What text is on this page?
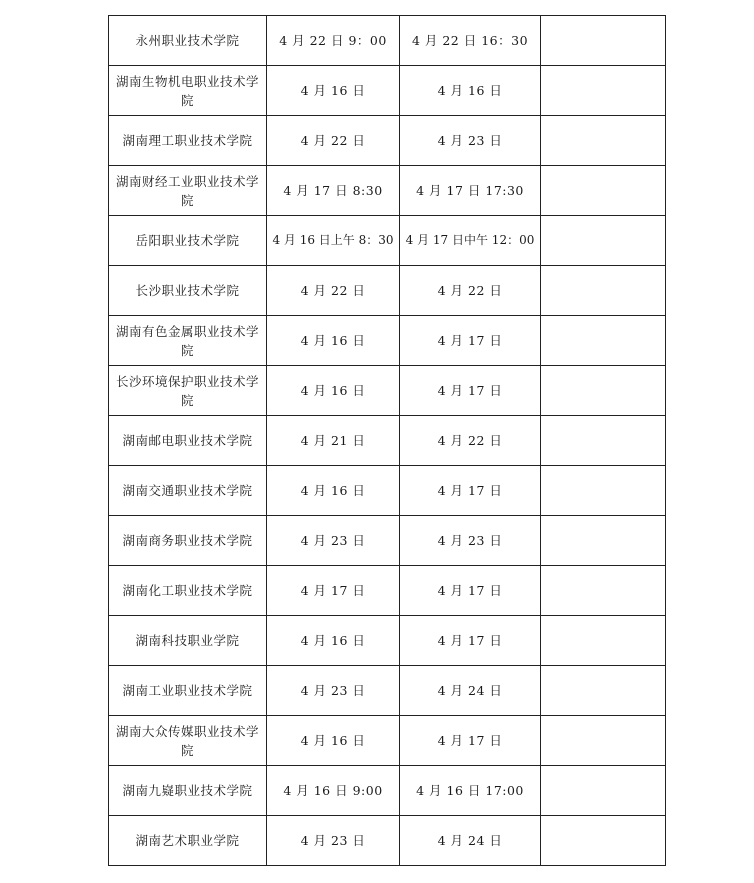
永州职业技术学院	4 月 22 日 9：00	4 月 22 日 16：30	
湖南生物机电职业技术学院	4 月 16 日	4 月 16 日	
湖南理工职业技术学院	4 月 22 日	4 月 23 日	
湖南财经工业职业技术学院	4 月 17 日 8:30	4 月 17 日 17:30	
岳阳职业技术学院	4 月 16 日上午 8：30	4 月 17 日中午 12：00	
长沙职业技术学院	4 月 22 日	4 月 22 日	
湖南有色金属职业技术学院	4 月 16 日	4 月 17 日	
长沙环境保护职业技术学院	4 月 16 日	4 月 17 日	
湖南邮电职业技术学院	4 月 21 日	4 月 22 日	
湖南交通职业技术学院	4 月 16 日	4 月 17 日	
湖南商务职业技术学院	4 月 23 日	4 月 23 日	
湖南化工职业技术学院	4 月 17 日	4 月 17 日	
湖南科技职业学院	4 月 16 日	4 月 17 日	
湖南工业职业技术学院	4 月 23 日	4 月 24 日	
湖南大众传媒职业技术学院	4 月 16 日	4 月 17 日	
湖南九嶷职业技术学院	4 月 16 日 9:00	4 月 16 日 17:00	
湖南艺术职业学院	4 月 23 日	4 月 24 日	
